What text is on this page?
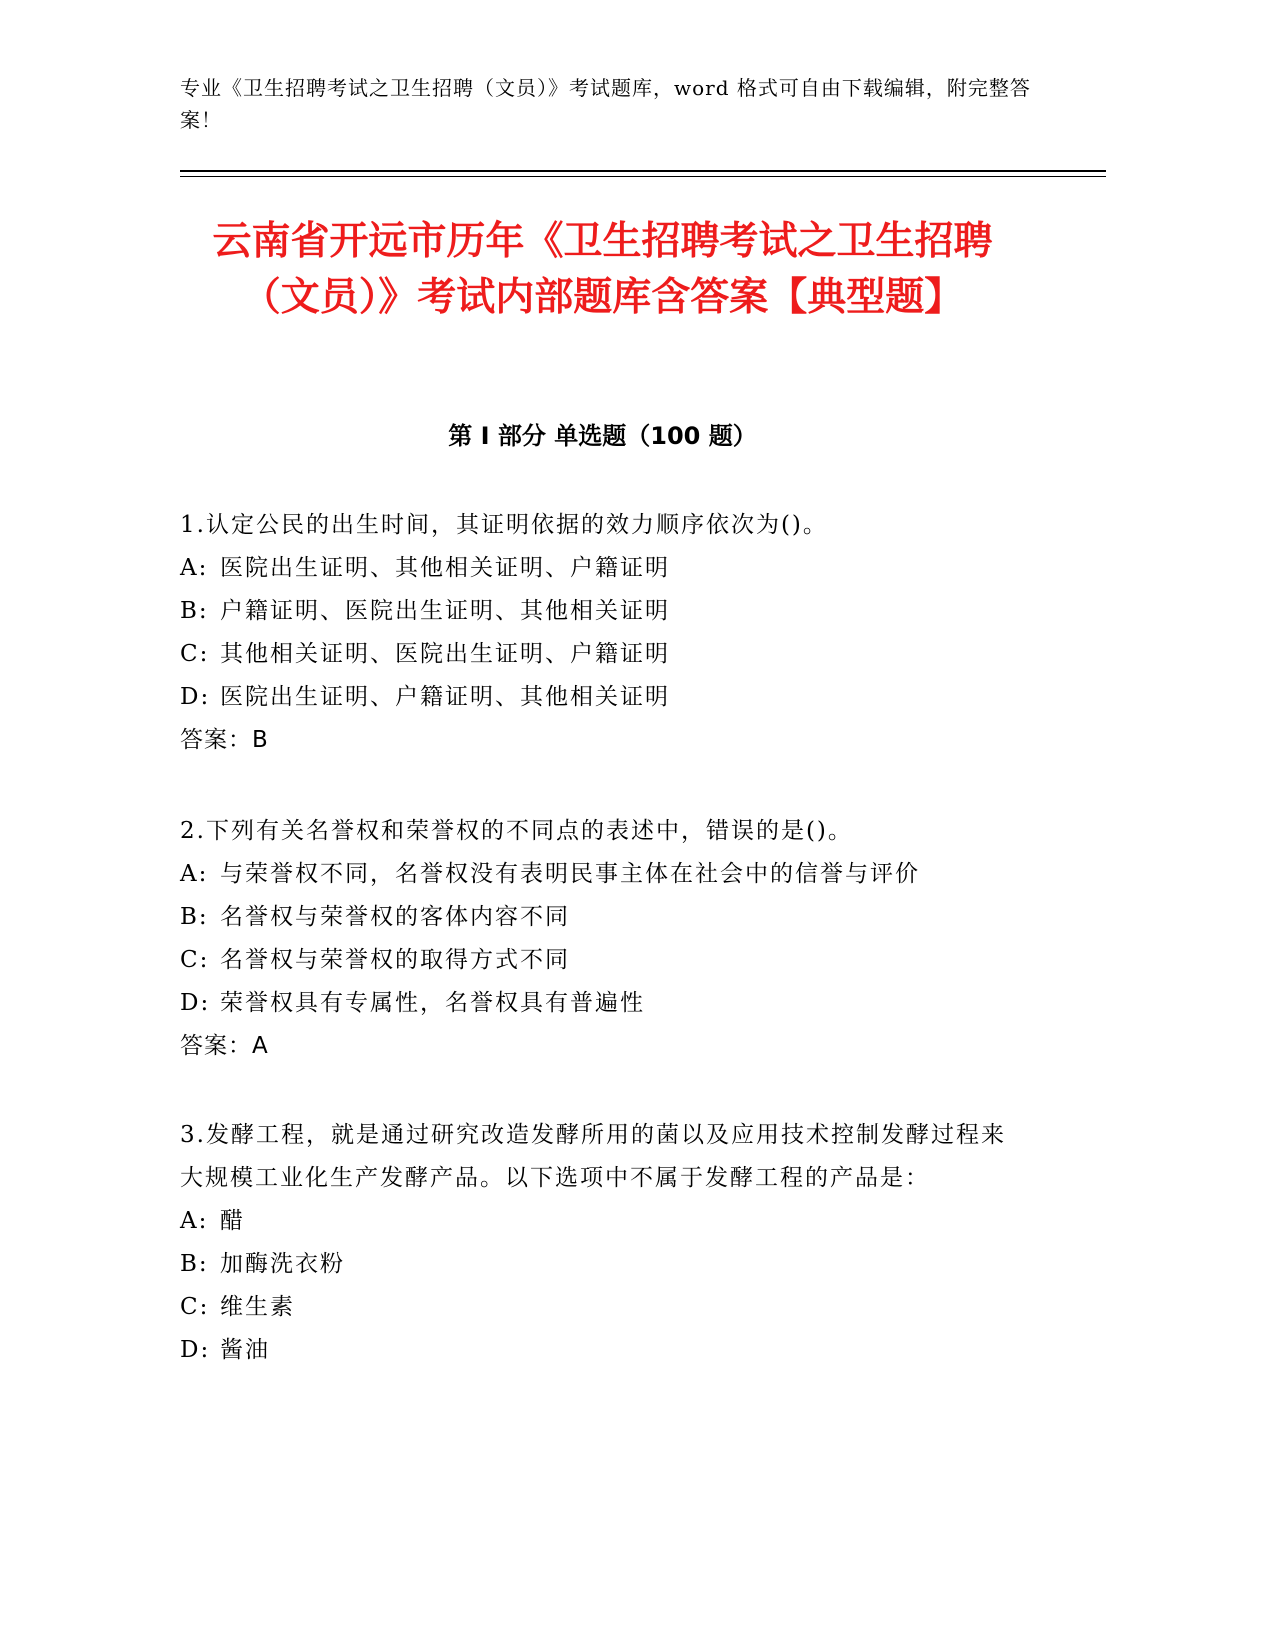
专业《卫生招聘考试之卫生招聘（文员）》考试题库，word 格式可自由下载编辑，附完整答案！
云南省开远市历年《卫生招聘考试之卫生招聘（文员）》考试内部题库含答案【典型题】
第 I 部分 单选题（100 题）
1.认定公民的出生时间，其证明依据的效力顺序依次为()。
A: 医院出生证明、其他相关证明、户籍证明
B: 户籍证明、医院出生证明、其他相关证明
C: 其他相关证明、医院出生证明、户籍证明
D: 医院出生证明、户籍证明、其他相关证明
答案：B
2.下列有关名誉权和荣誉权的不同点的表述中，错误的是()。
A: 与荣誉权不同，名誉权没有表明民事主体在社会中的信誉与评价
B: 名誉权与荣誉权的客体内容不同
C: 名誉权与荣誉权的取得方式不同
D: 荣誉权具有专属性，名誉权具有普遍性
答案：A
3.发酵工程，就是通过研究改造发酵所用的菌以及应用技术控制发酵过程来大规模工业化生产发酵产品。以下选项中不属于发酵工程的产品是：
A: 醋
B: 加酶洗衣粉
C: 维生素
D: 酱油
